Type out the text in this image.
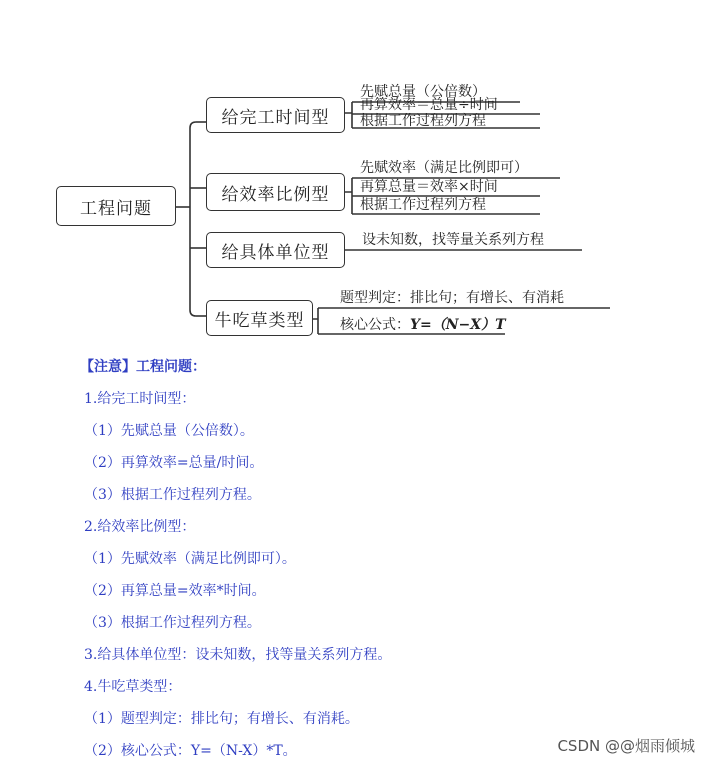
工程问题
给完工时间型
给效率比例型
给具体单位型
牛吃草类型
先赋总量（公倍数）
再算效率＝总量÷时间
根据工作过程列方程
先赋效率（满足比例即可）
再算总量＝效率×时间
根据工作过程列方程
设未知数，找等量关系列方程
题型判定：排比句；有增长、有消耗
核心公式：Y=（N−X）T
【注意】工程问题：
1.给完工时间型：
（1）先赋总量（公倍数）。
（2）再算效率=总量/时间。
（3）根据工作过程列方程。
2.给效率比例型：
（1）先赋效率（满足比例即可）。
（2）再算总量=效率*时间。
（3）根据工作过程列方程。
3.给具体单位型：设未知数，找等量关系列方程。
4.牛吃草类型：
（1）题型判定：排比句；有增长、有消耗。
（2）核心公式：Y=（N-X）*T。	CSDN @@烟雨倾城
